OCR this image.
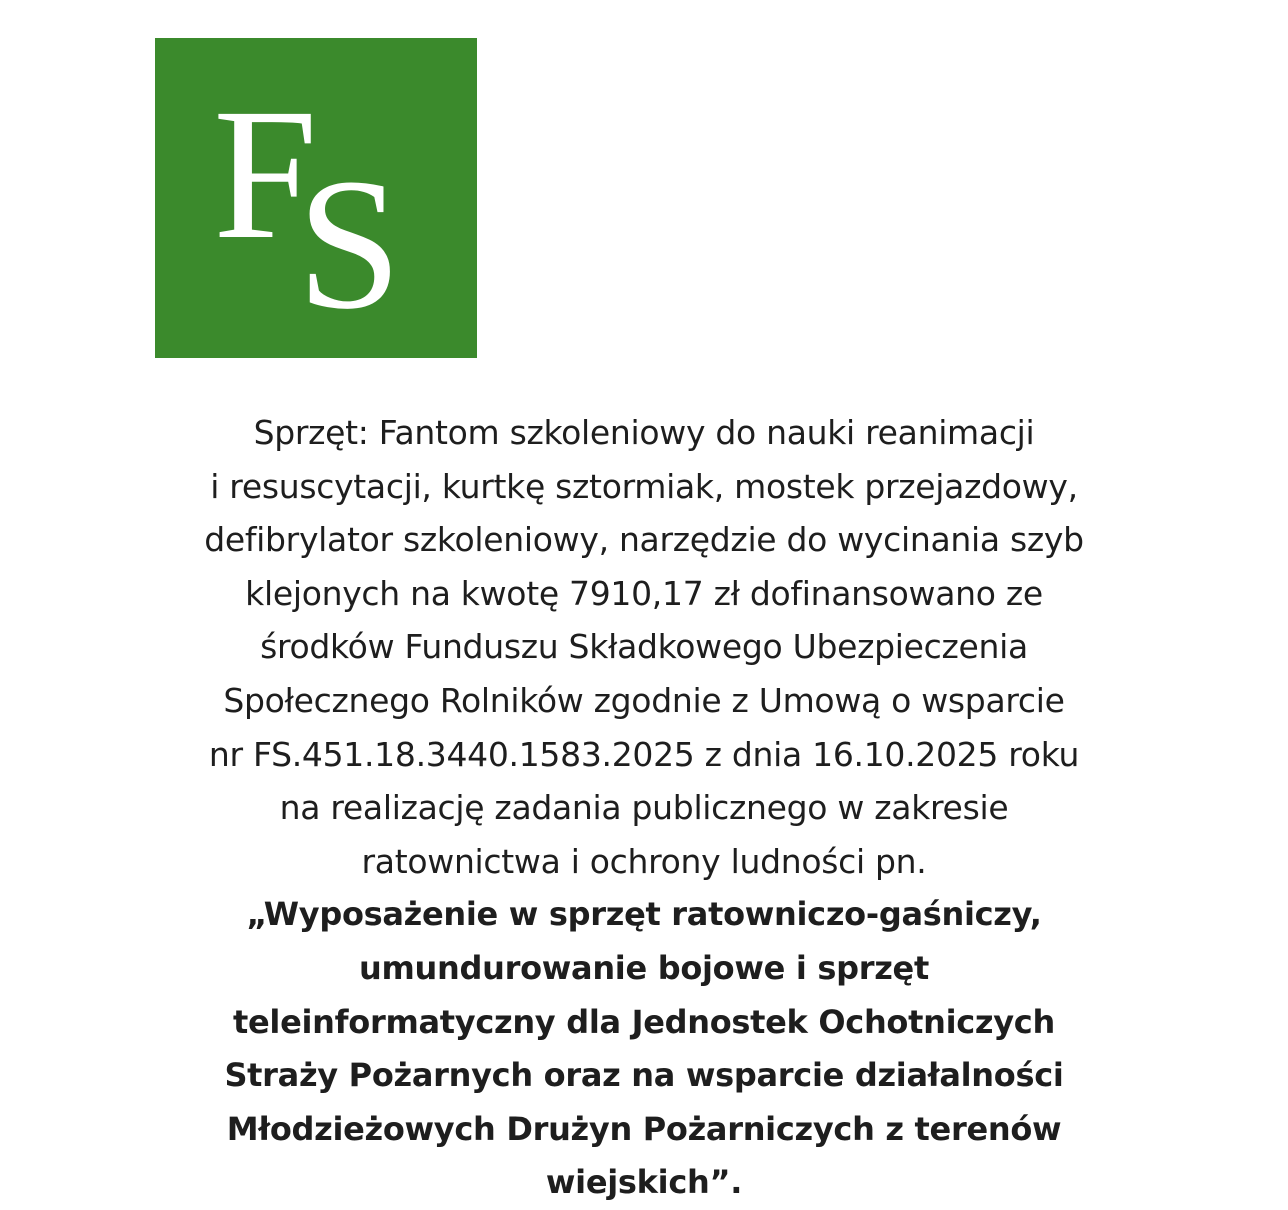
F
S
Sprzęt: Fantom szkoleniowy do nauki reanimacji
i resuscytacji, kurtkę sztormiak, mostek przejazdowy,
defibrylator szkoleniowy, narzędzie do wycinania szyb
klejonych na kwotę 7910,17 zł dofinansowano ze
środków Funduszu Składkowego Ubezpieczenia
Społecznego Rolników zgodnie z Umową o wsparcie
nr FS.451.18.3440.1583.2025 z dnia 16.10.2025 roku
na realizację zadania publicznego w zakresie
ratownictwa i ochrony ludności pn.
„Wyposażenie w sprzęt ratowniczo-gaśniczy,
umundurowanie bojowe i sprzęt
teleinformatyczny dla Jednostek Ochotniczych
Straży Pożarnych oraz na wsparcie działalności
Młodzieżowych Drużyn Pożarniczych z terenów
wiejskich”.
